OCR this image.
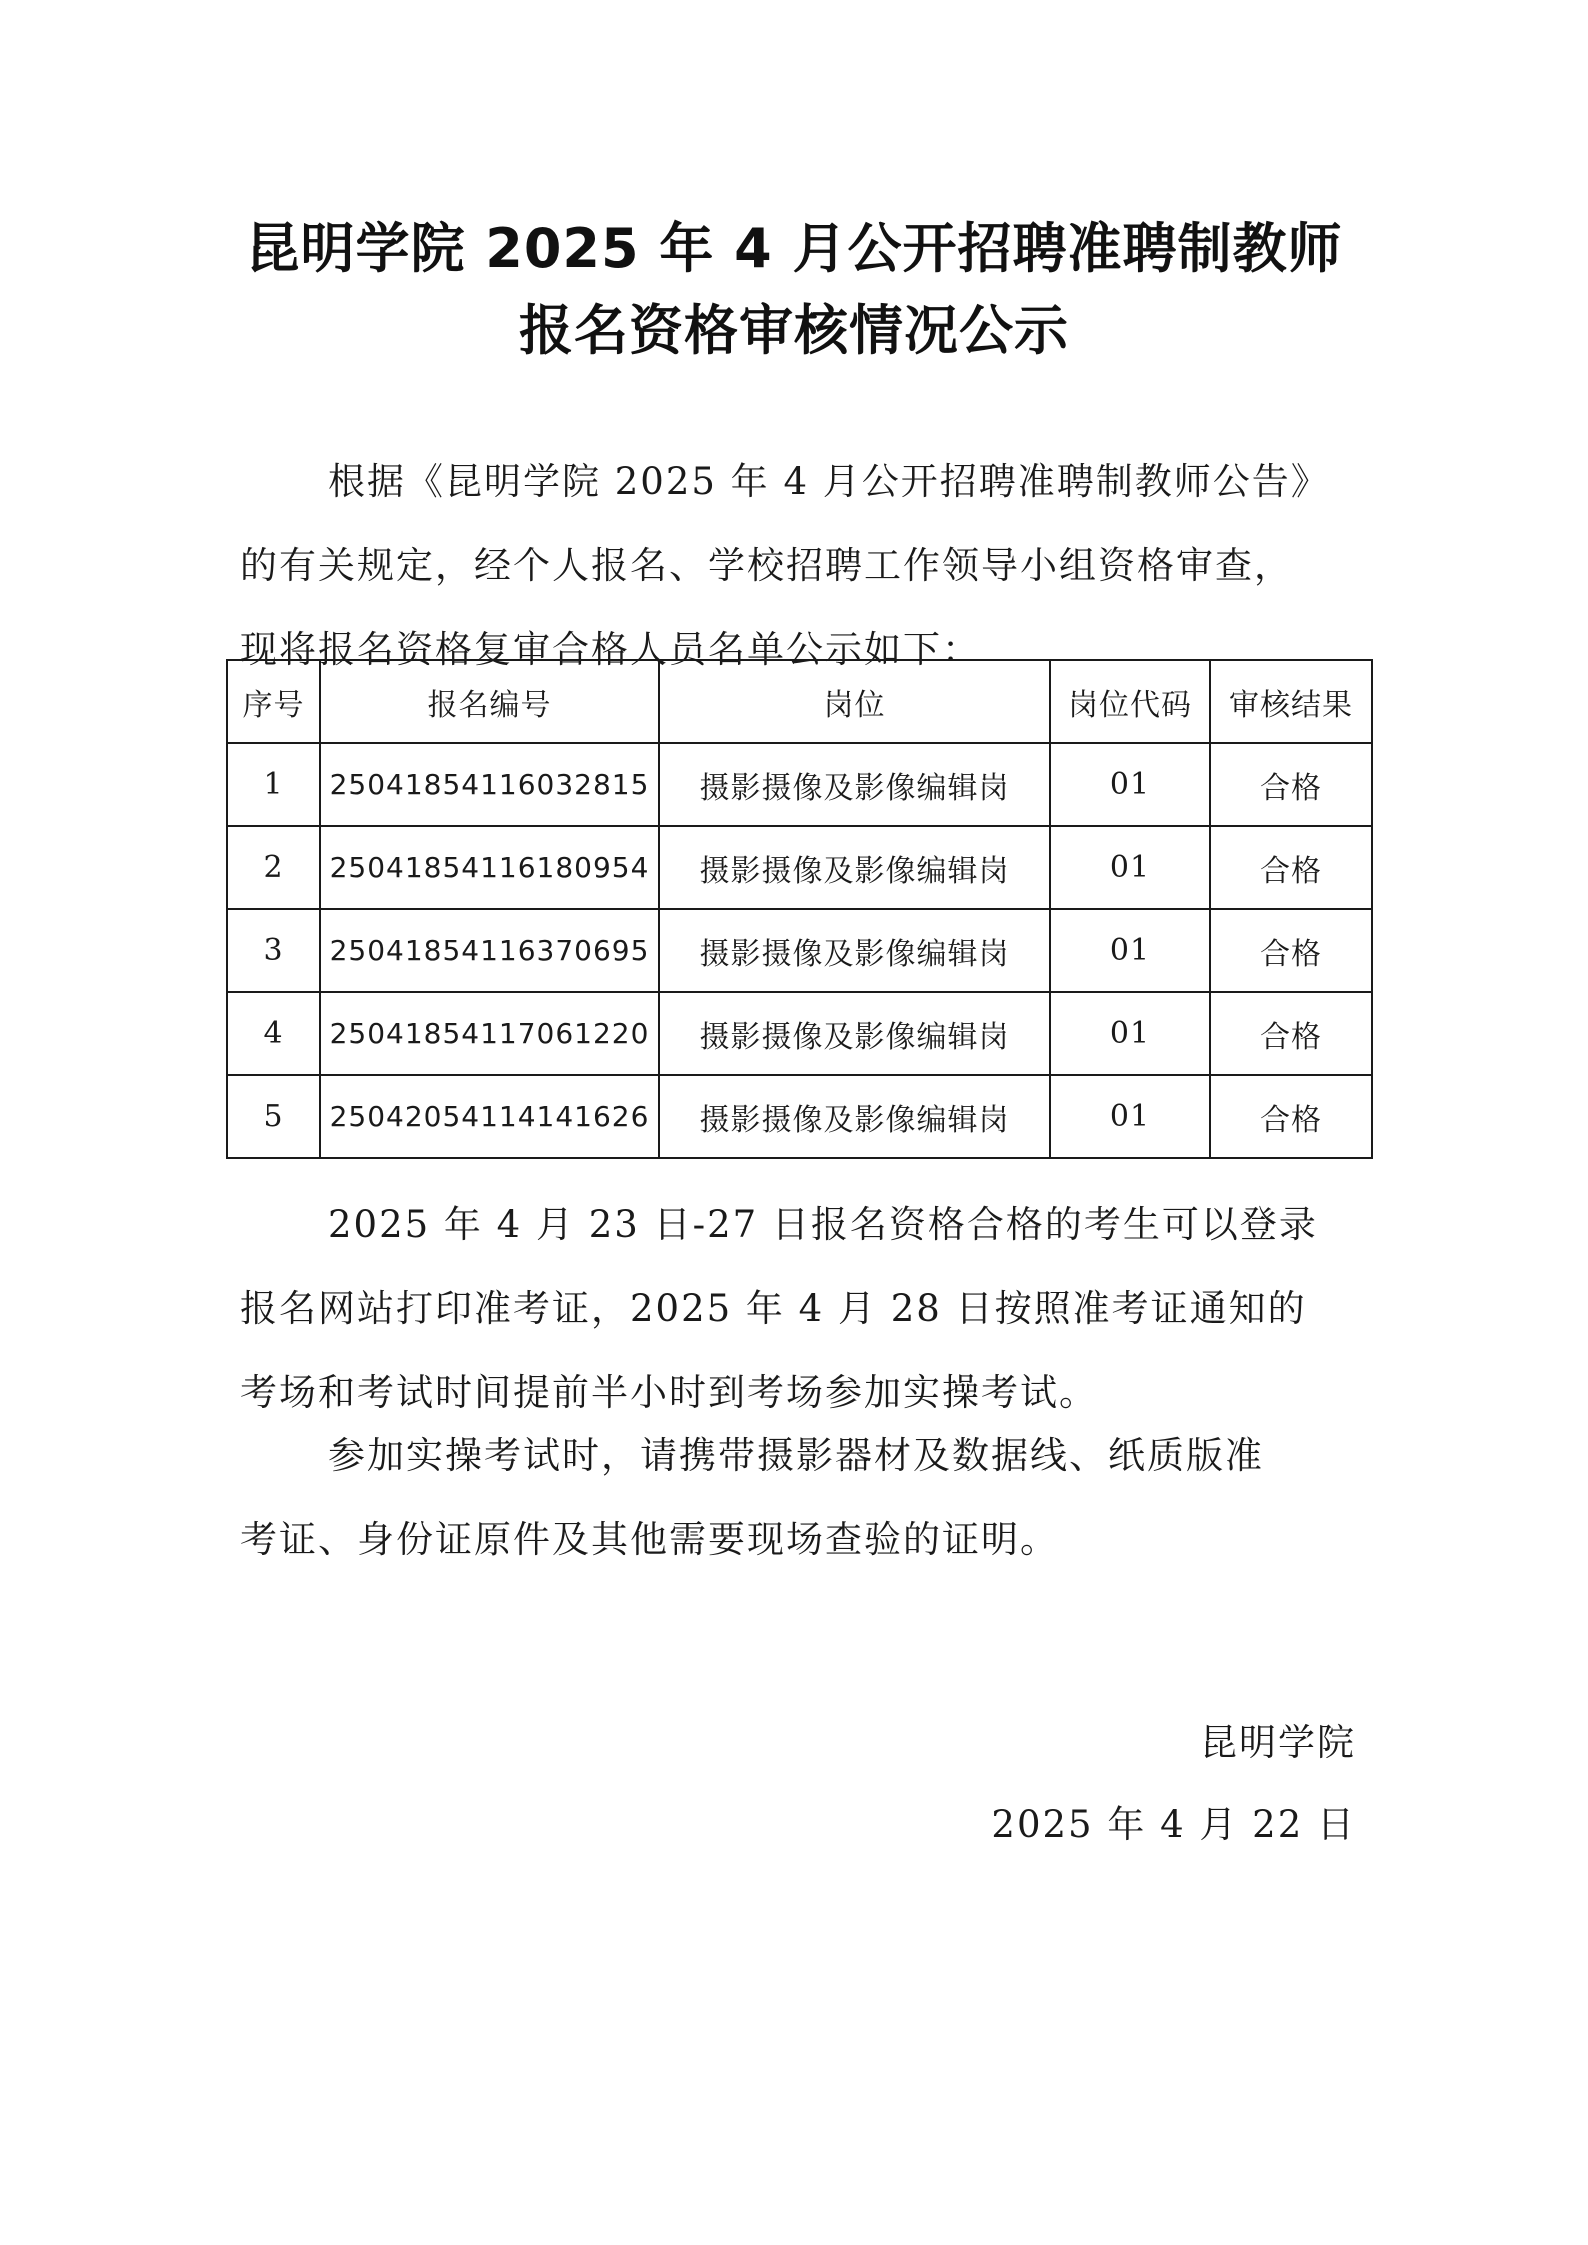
昆明学院 2025 年 4 月公开招聘准聘制教师
报名资格审核情况公示
根据《昆明学院 2025 年 4 月公开招聘准聘制教师公告》
的有关规定，经个人报名、学校招聘工作领导小组资格审查，
现将报名资格复审合格人员名单公示如下：
序号	报名编号	岗位	岗位代码	审核结果
1	25041854116032815	摄影摄像及影像编辑岗	01	合格
2	25041854116180954	摄影摄像及影像编辑岗	01	合格
3	25041854116370695	摄影摄像及影像编辑岗	01	合格
4	25041854117061220	摄影摄像及影像编辑岗	01	合格
5	25042054114141626	摄影摄像及影像编辑岗	01	合格
2025 年 4 月 23 日-27 日报名资格合格的考生可以登录
报名网站打印准考证，2025 年 4 月 28 日按照准考证通知的
考场和考试时间提前半小时到考场参加实操考试。
参加实操考试时，请携带摄影器材及数据线、纸质版准
考证、身份证原件及其他需要现场查验的证明。
昆明学院
2025 年 4 月 22 日
